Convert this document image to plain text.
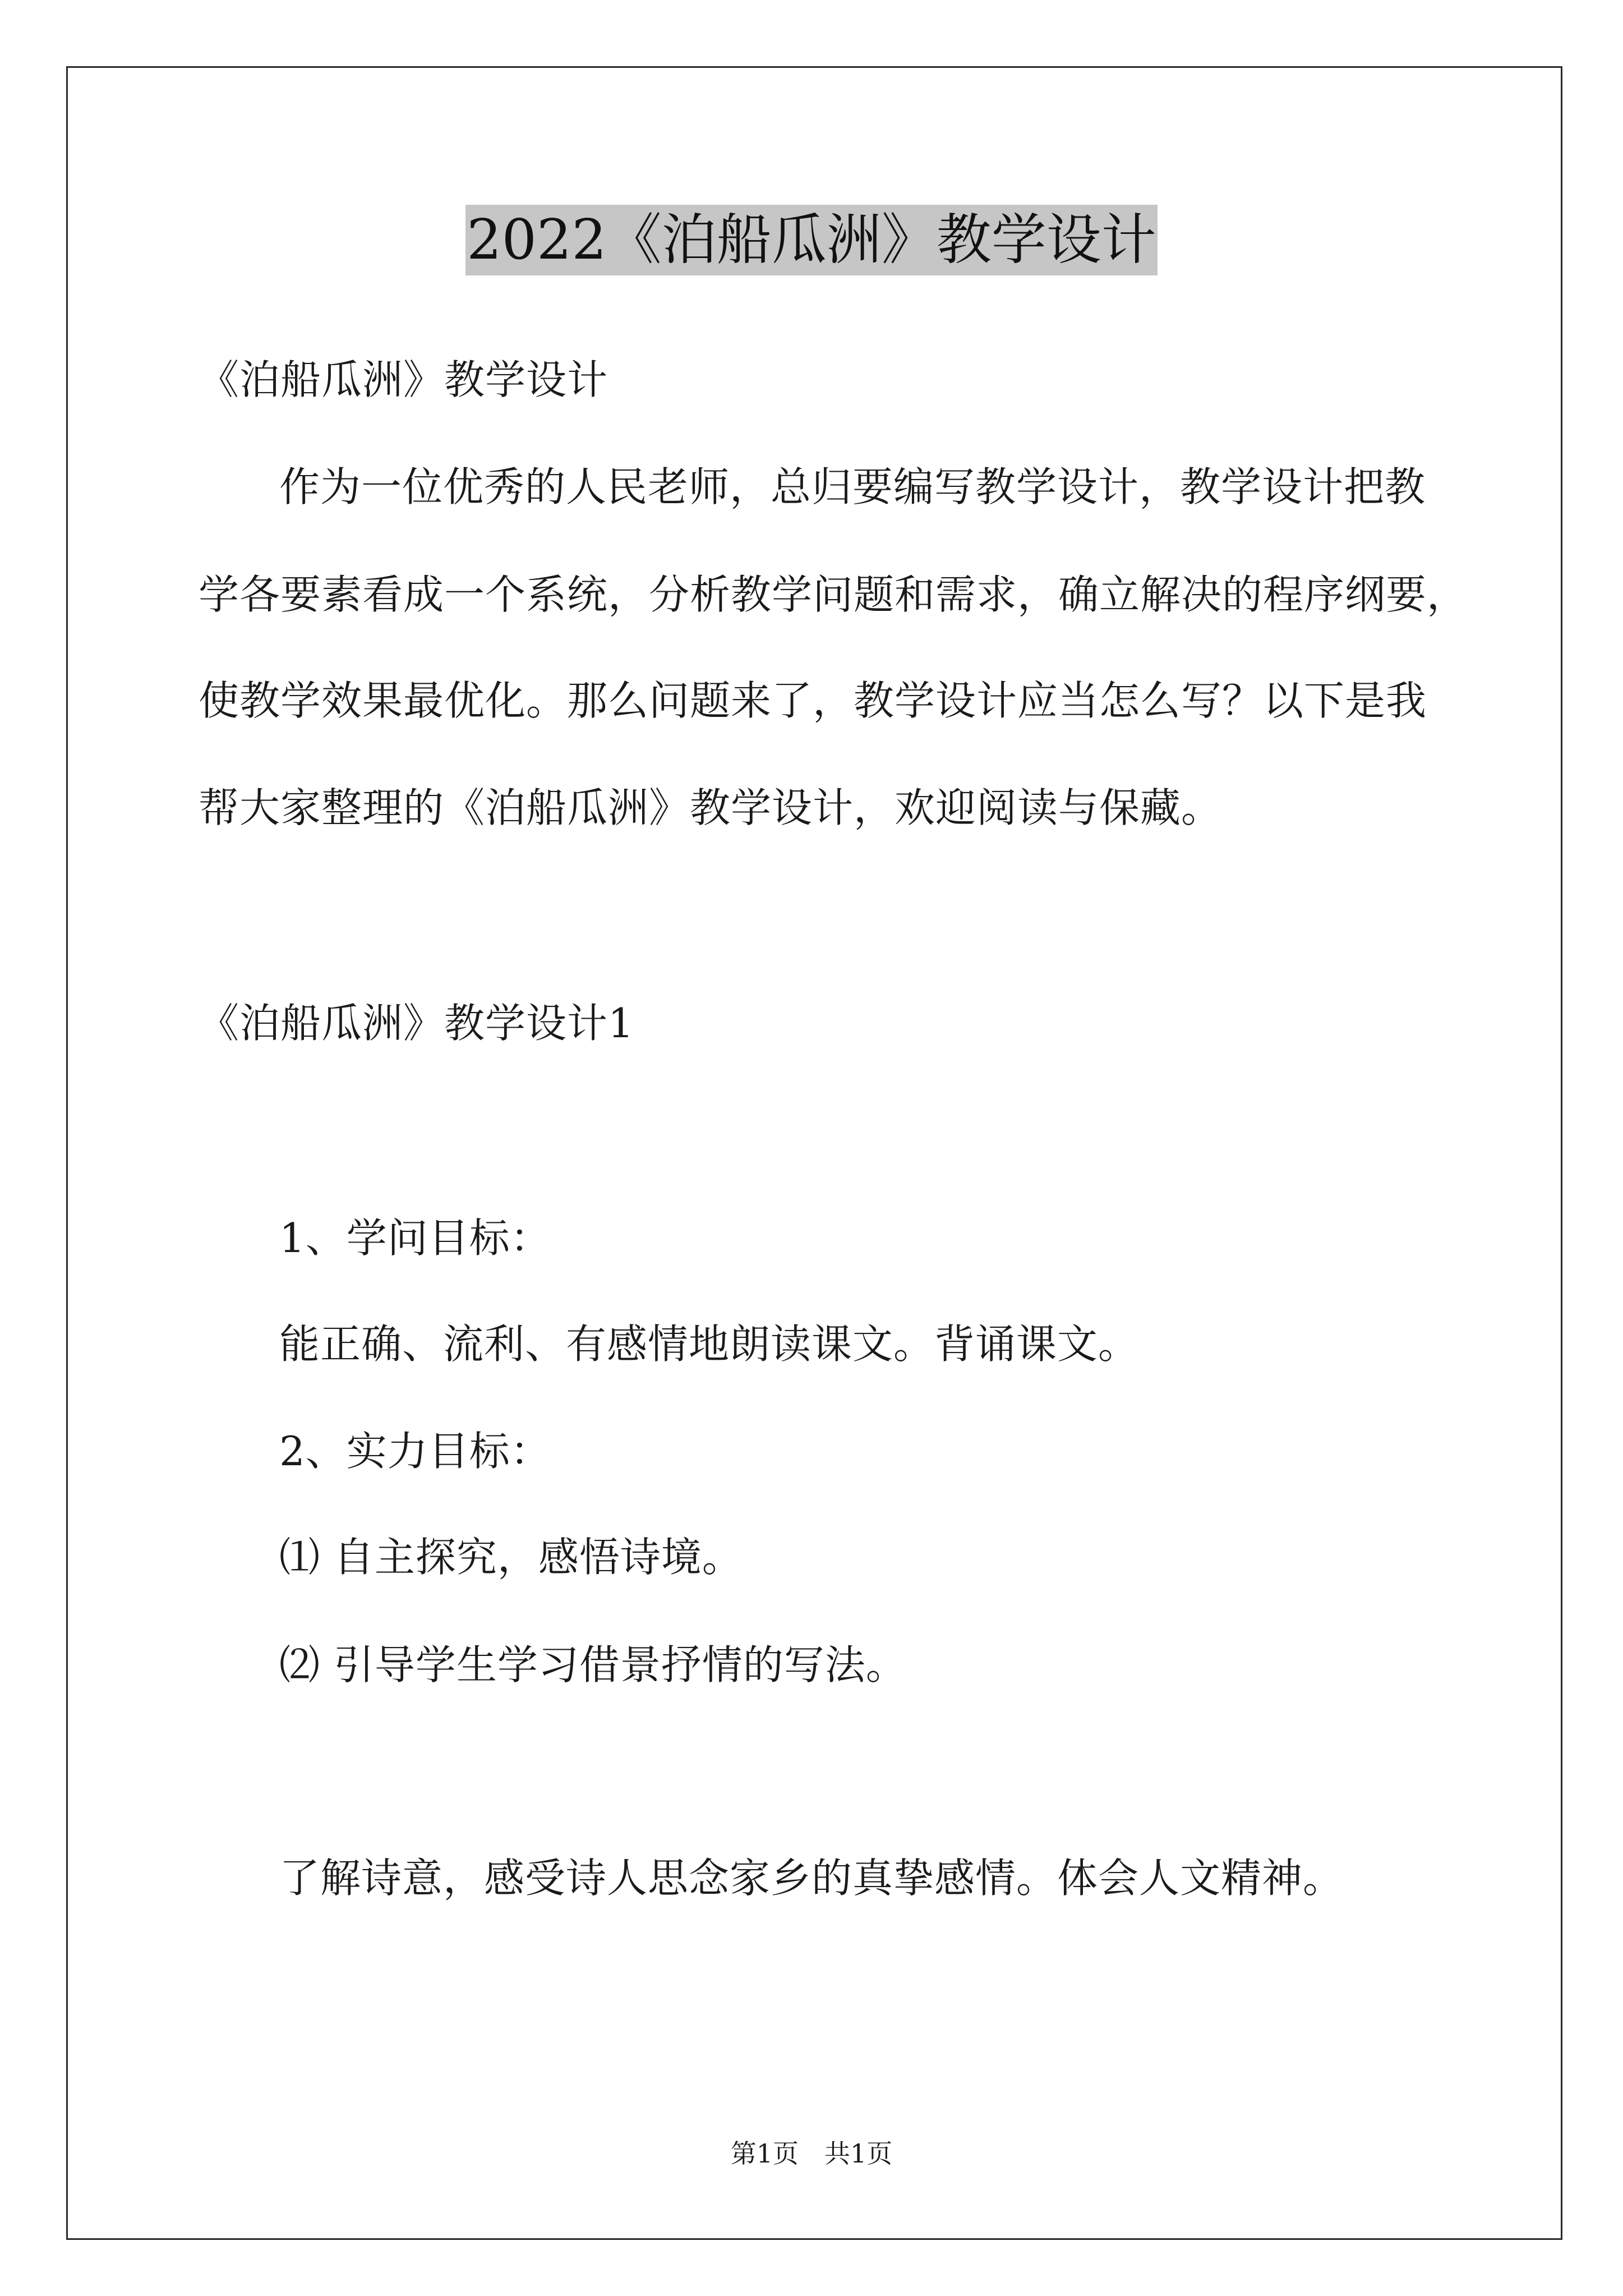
2022《泊船瓜洲》教学设计
《泊船瓜洲》教学设计
作为一位优秀的人民老师，总归要编写教学设计，教学设计把教
学各要素看成一个系统，分析教学问题和需求，确立解决的程序纲要，
使教学效果最优化。那么问题来了，教学设计应当怎么写？以下是我
帮大家整理的《泊船瓜洲》教学设计，欢迎阅读与保藏。
《泊船瓜洲》教学设计1
1、学问目标：
能正确、流利、有感情地朗读课文。背诵课文。
2、实力目标：
⑴ 自主探究，感悟诗境。
⑵ 引导学生学习借景抒情的写法。
了解诗意，感受诗人思念家乡的真挚感情。体会人文精神。
第1页　共1页
